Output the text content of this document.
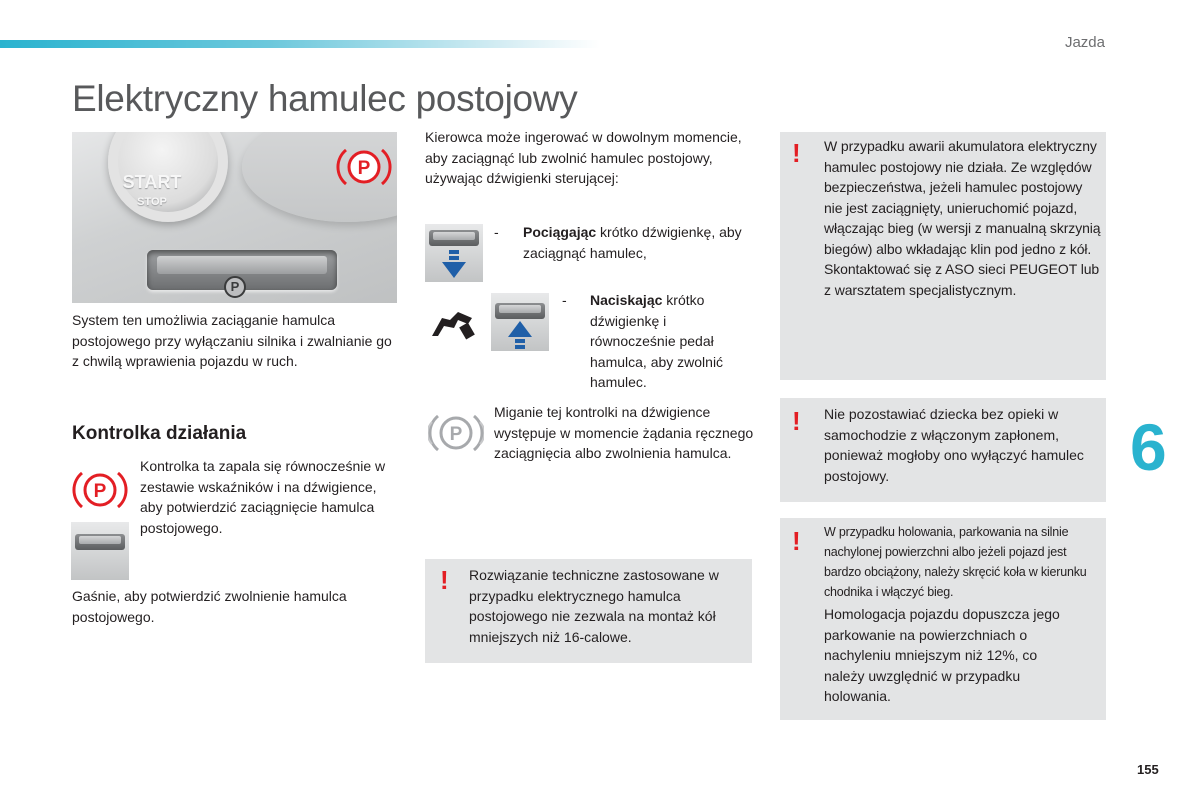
Jazda
Elektryczny hamulec postojowy
START
STOP
P
P
System ten umożliwia zaciąganie hamulca postojowego przy wyłączaniu silnika i zwalnianie go z chwilą wprawienia pojazdu w ruch.
Kontrolka działania
P
Kontrolka ta zapala się równocześnie w zestawie wskaźników i na dźwigience, aby potwierdzić zaciągnięcie hamulca postojowego.
Gaśnie, aby potwierdzić zwolnienie hamulca postojowego.
Kierowca może ingerować w dowolnym momencie, aby zaciągnąć lub zwolnić hamulec postojowy, używając dźwigienki sterującej:
-	Pociągając krótko dźwigienkę, aby zaciągnąć hamulec,
-	Naciskając krótko dźwigienkę i równocześnie pedał hamulca, aby zwolnić hamulec.
P
Miganie tej kontrolki na dźwigience występuje w momencie żądania ręcznego zaciągnięcia albo zwolnienia hamulca.
! Rozwiązanie techniczne zastosowane w przypadku elektrycznego hamulca postojowego nie zezwala na montaż kół mniejszych niż 16-calowe.
! W przypadku awarii akumulatora elektryczny hamulec postojowy nie działa. Ze względów bezpieczeństwa, jeżeli hamulec postojowy nie jest zaciągnięty, unieruchomić pojazd, włączając bieg (w wersji z manualną skrzynią biegów) albo wkładając klin pod jedno z kół. Skontaktować się z ASO sieci PEUGEOT lub z warsztatem specjalistycznym.
! Nie pozostawiać dziecka bez opieki w samochodzie z włączonym zapłonem, ponieważ mogłoby ono wyłączyć hamulec postojowy.
! W przypadku holowania, parkowania na silnie nachylonej powierzchni albo jeżeli pojazd jest bardzo obciążony, należy skręcić koła w kierunku chodnika i włączyć bieg.
Homologacja pojazdu dopuszcza jego parkowanie na powierzchniach o nachyleniu mniejszym niż 12%, co należy uwzględnić w przypadku holowania.
6
155
